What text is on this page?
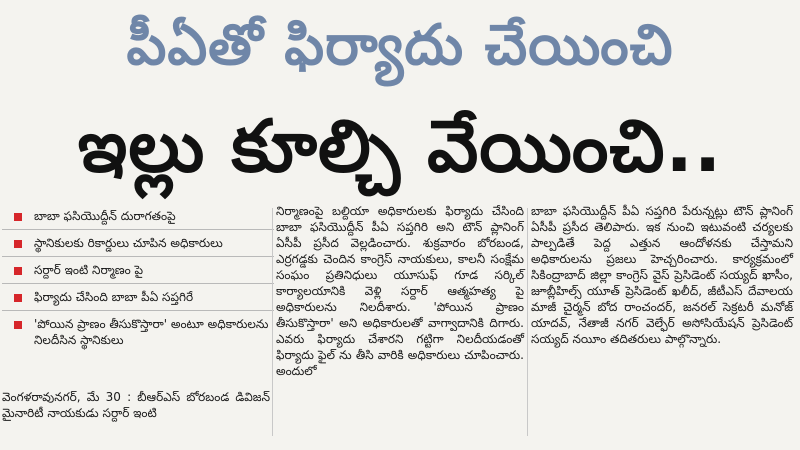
పీఏతో ఫిర్యాదు చేయించి
ఇల్లు కూల్చి వేయించి..
బాబా ఫసియొద్దీన్ దురాగతంపై
స్థానికులకు రికార్డులు చూపిన అధికారులు
సర్దార్ ఇంటి నిర్మాణం పై
ఫిర్యాదు చేసింది బాబా పీఏ సప్తగిరే
'పోయిన ప్రాణం తీసుకొస్తారా' అంటూ అధికారులను నిలదీసిన స్థానికులు
వెంగళరావునగర్, మే 30 : బీఆర్ఎస్ బోరబండ డివిజన్ మైనారిటీ నాయకుడు సర్దార్ ఇంటి

నిర్మాణంపై బల్దియా అధికారులకు ఫిర్యాదు చేసింది బాబా ఫసియొద్దీన్ పీఏ సప్తగిరి అని టౌన్ ప్లానింగ్ ఏసీపీ ప్రసీద వెల్లడించారు. శుక్రవారం బోరబండ, ఎర్రగడ్డకు చెందిన కాంగ్రెస్ నాయకులు, కాలనీ సంక్షేమ సంఘం ప్రతినిధులు యూసుఫ్ గూడ సర్కిల్ కార్యాలయానికి వెళ్లి సర్దార్ ఆత్మహత్య పై అధికారులను నిలదీశారు. 'పోయిన ప్రాణం తీసుకొస్తారా' అని అధికారులతో వాగ్వాదానికి దిగారు. ఎవరు ఫిర్యాదు చేశారని గట్టిగా నిలదీయడంతో ఫిర్యాదు ఫైల్ ను తీసి వారికి అధికారులు చూపించారు. అందులో

బాబా ఫసియొద్దీన్ పీఏ సప్తగిరి పేరున్నట్లు టౌన్ ప్లానింగ్ ఏసీపీ ప్రసీద తెలిపారు. ఇక నుంచి ఇటువంటి చర్యలకు పాల్పడితే పెద్ద ఎత్తున ఆందోళనకు చేస్తామని అధికారులను ప్రజలు హెచ్చరించారు. కార్యక్రమంలో సికింద్రాబాద్ జిల్లా కాంగ్రెస్ వైస్ ప్రెసిడెంట్ సయ్యద్ ఖాసీం, జూబ్లీహిల్స్ యూత్ ప్రెసిడెంట్ ఖలీద్, జీటీఎస్ దేవాలయ మాజీ చైర్మన్ బోద రాంచందర్, జనరల్ సెక్రటరీ మనోజ్ యాదవ్, నేతాజీ నగర్ వెల్ఫేర్ అసోసియేషన్ ప్రెసిడెంట్ సయ్యద్ నయీం తదితరులు పాల్గొన్నారు.
